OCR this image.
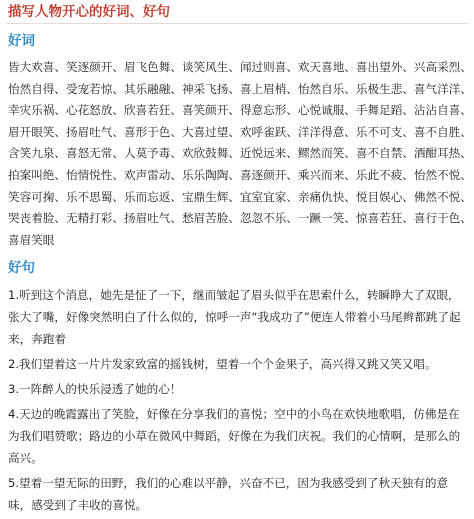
描写人物开心的好词、好句
好词
皆大欢喜、 笑逐颜开、 眉飞色舞、 谈笑风生、 闻过则喜、 欢天喜地、 喜出望外、 兴高采烈、
怡然自得、 受宠若惊、 其乐融融、 神采飞扬、 喜上眉梢、 怡然自乐、 乐极生悲、 喜气洋洋、
幸灾乐祸、 心花怒放、 欣喜若狂、 喜笑颜开、 得意忘形、 心悦诚服、 手舞足蹈、 沾沾自喜、
眉开眼笑、 扬眉吐气、 喜形于色、 大喜过望、 欢呼雀跃、 洋洋得意、 乐不可支、 喜不自胜、
含笑九泉、 喜怒无常、 人莫予毒、 欢欣鼓舞、 近悦远来、 鳏然而笑、 喜不自禁、 酒酣耳热、
拍案叫绝、 怡情悦性、 欢声雷动、 乐乐陶陶、 喜逐颜开、 乘兴而来、 乐此不疲、 怡然不悦、
笑容可掬、 乐不思蜀、 乐而忘返、 宝鼎生辉、 宜室宜家、 亲痛仇快、 悦目娱心、 佛然不悦、
哭丧着脸、 无精打彩、 扬眉吐气、 愁眉苦脸、 忽忽不乐、 一蹶一笑、 惊喜若狂、 喜行于色、
喜眉笑眼
好句
1.听到这个消息，她先是怔了一下，继而皱起了眉头似乎在思索什么，转瞬睁大了双眼，张大了嘴，好像突然明白了什么似的，惊呼一声“我成功了”便连人带着小马尾辫都跳了起来，奔跑着
2.我们望着这一片片发家致富的摇钱树，望着一个个金果子，高兴得又跳又笑又唱。
3.一阵醉人的快乐浸透了她的心！
4.天边的晚霞露出了笑脸，好像在分享我们的喜悦；空中的小鸟在欢快地歌唱，仿佛是在为我们唱赞歌；路边的小草在微风中舞蹈，好像在为我们庆祝。我们的心情啊，是那么的高兴。
5.望着一望无际的田野，我们的心难以平静，兴奋不已，因为我感受到了秋天独有的意味，感受到了丰收的喜悦。
